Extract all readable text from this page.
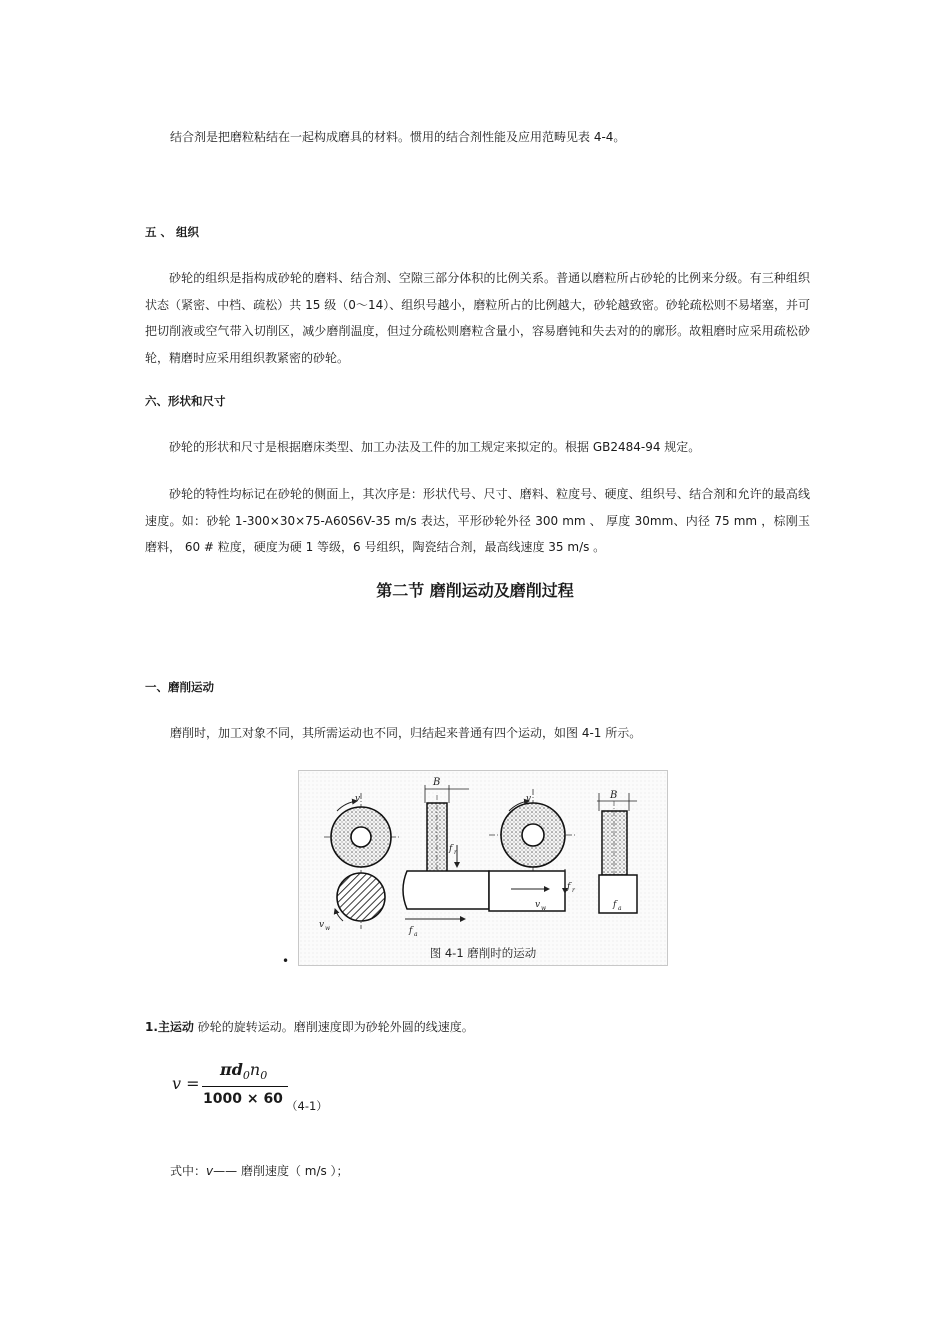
结合剂是把磨粒粘结在一起构成磨具的材料。惯用的结合剂性能及应用范畴见表 4-4。
五 、 组织
砂轮的组织是指构成砂轮的磨料、结合剂、空隙三部分体积的比例关系。普通以磨粒所占砂轮的比例来分级。有三种组织状态（紧密、中档、疏松）共 15 级（0～14）、组织号越小，磨粒所占的比例越大，砂轮越致密。砂轮疏松则不易堵塞，并可把切削液或空气带入切削区，减少磨削温度，但过分疏松则磨粒含量小，容易磨钝和失去对的的廓形。故粗磨时应采用疏松砂轮，精磨时应采用组织教紧密的砂轮。
六、形状和尺寸
砂轮的形状和尺寸是根据磨床类型、加工办法及工件的加工规定来拟定的。根据 GB2484-94 规定。
砂轮的特性均标记在砂轮的侧面上，其次序是：形状代号、尺寸、磨料、粒度号、硬度、组织号、结合剂和允许的最高线速度。如：砂轮 1-300×30×75-A60S6V-35 m/s 表达，平形砂轮外径 300 mm 、 厚度 30mm、内径 75 mm ，棕刚玉磨料， 60 # 粒度，硬度为硬 1 等级，6 号组织，陶瓷结合剂，最高线速度 35 m/s 。
第二节 磨削运动及磨削过程
一、磨削运动
磨削时，加工对象不同，其所需运动也不同，归结起来普通有四个运动，如图 4-1 所示。
•
v
B
v	B
v w
v w
f r
f r
f a
f a
图 4-1 磨削时的运动
1.主运动 砂轮的旋转运动。磨削速度即为砂轮外圆的线速度。
v =
$\pi d_0n_0$
1000 × 60 （4-1）
式中：v—— 磨削速度（ m/s ）；
